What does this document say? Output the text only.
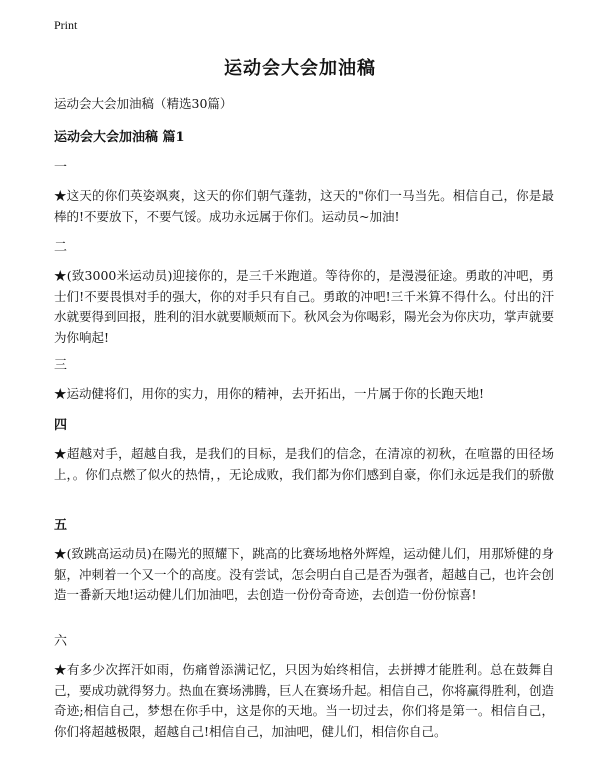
Print
运动会大会加油稿
运动会大会加油稿（精选30篇）
运动会大会加油稿 篇1
一
★这天的你们英姿飒爽，这天的你们朝气蓬勃，这天的"你们一马当先。相信自己，你是最棒的!不要放下，不要气馁。成功永远属于你们。运动员~加油!
二
★(致3000米运动员)迎接你的，是三千米跑道。等待你的，是漫漫征途。勇敢的冲吧，勇士们!不要畏惧对手的强大，你的对手只有自己。勇敢的冲吧!三千米算不得什么。付出的汗水就要得到回报，胜利的泪水就要顺颊而下。秋风会为你喝彩，陽光会为你庆功，掌声就要为你响起!
三
★运动健将们，用你的实力，用你的精神，去开拓出，一片属于你的长跑天地!
四
★超越对手，超越自我，是我们的目标，是我们的信念，在清凉的初秋，在喧嚣的田径场上，。你们点燃了似火的热情，，无论成败，我们都为你们感到自豪，你们永远是我们的骄傲
五
★(致跳高运动员)在陽光的照耀下，跳高的比赛场地格外辉煌，运动健儿们，用那矫健的身躯，冲刺着一个又一个的高度。没有尝试，怎会明白自己是否为强者，超越自己，也许会创造一番新天地!运动健儿们加油吧，去创造一份份奇奇迹，去创造一份份惊喜!
六
★有多少次挥汗如雨，伤痛曾添满记忆，只因为始终相信，去拼搏才能胜利。总在鼓舞自己，要成功就得努力。热血在赛场沸腾，巨人在赛场升起。相信自己，你将赢得胜利，创造奇迹;相信自己，梦想在你手中，这是你的天地。当一切过去，你们将是第一。相信自己，你们将超越极限，超越自己!相信自己，加油吧，健儿们，相信你自己。
